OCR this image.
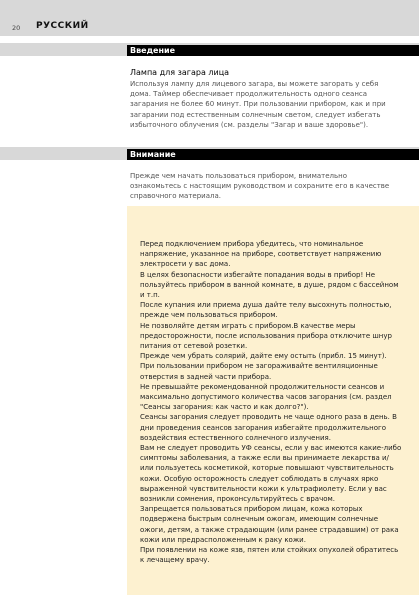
20 РУССКИЙ
Введение
Лампа для загара лица

Используя лампу для лицевого загара, вы можете загорать у себя дома. Таймер обеспечивает продолжительность одного сеанса загарания не более 60 минут. При пользовании прибором, как и при загарании под естественным солнечным светом, следует избегать избыточного облучения (см. разделы "Загар и ваше здоровье").

Внимание

Прежде чем начать пользоваться прибором, внимательно ознакомьтесь с настоящим руководством и сохраните его в качестве справочного материала.

Перед подключением прибора убедитесь, что номинальное напряжение, указанное на приборе, соответствует напряжению электросети у вас дома.
В целях безопасности избегайте попадания воды в прибор! Не пользуйтесь прибором в ванной комнате, в душе, рядом с бассейном и т.п.
После купания или приема душа дайте телу высохнуть полностью, прежде чем пользоваться прибором.
Не позволяйте детям играть с прибором.В качестве меры предосторожности, после использования прибора отключите шнур питания от сетевой розетки.
Прежде чем убрать солярий, дайте ему остыть (прибл. 15 минут).
При пользовании прибором не загораживайте вентиляционные отверстия в задней части прибора.
Не превышайте рекомендованной продолжительности сеансов и максимально допустимого количества часов загорания (см. раздел "Сеансы загорания: как часто и как долго?").
Сеансы загорания следует проводить не чаще одного раза в день. В дни проведения сеансов загорания избегайте продолжительного воздействия естественного солнечного излучения.
Вам не следует проводить УФ сеансы, если у вас имеются какие-либо симптомы заболевания, а также если вы принимаете лекарства и/или пользуетесь косметикой, которые повышают чувствительность кожи. Особую осторожность следует соблюдать в случаях ярко выраженной чувствительности кожи к ультрафиолету. Если у вас возникли сомнения, проконсультируйтесь с врачом.
Запрещается пользоваться прибором лицам, кожа которых подвержена быстрым солнечным ожогам, имеющим солнечные ожоги, детям, а также страдающим (или ранее страдавшим) от рака кожи или предрасположенным к раку кожи.
При появлении на коже язв, пятен или стойких опухолей обратитесь к лечащему врачу.
